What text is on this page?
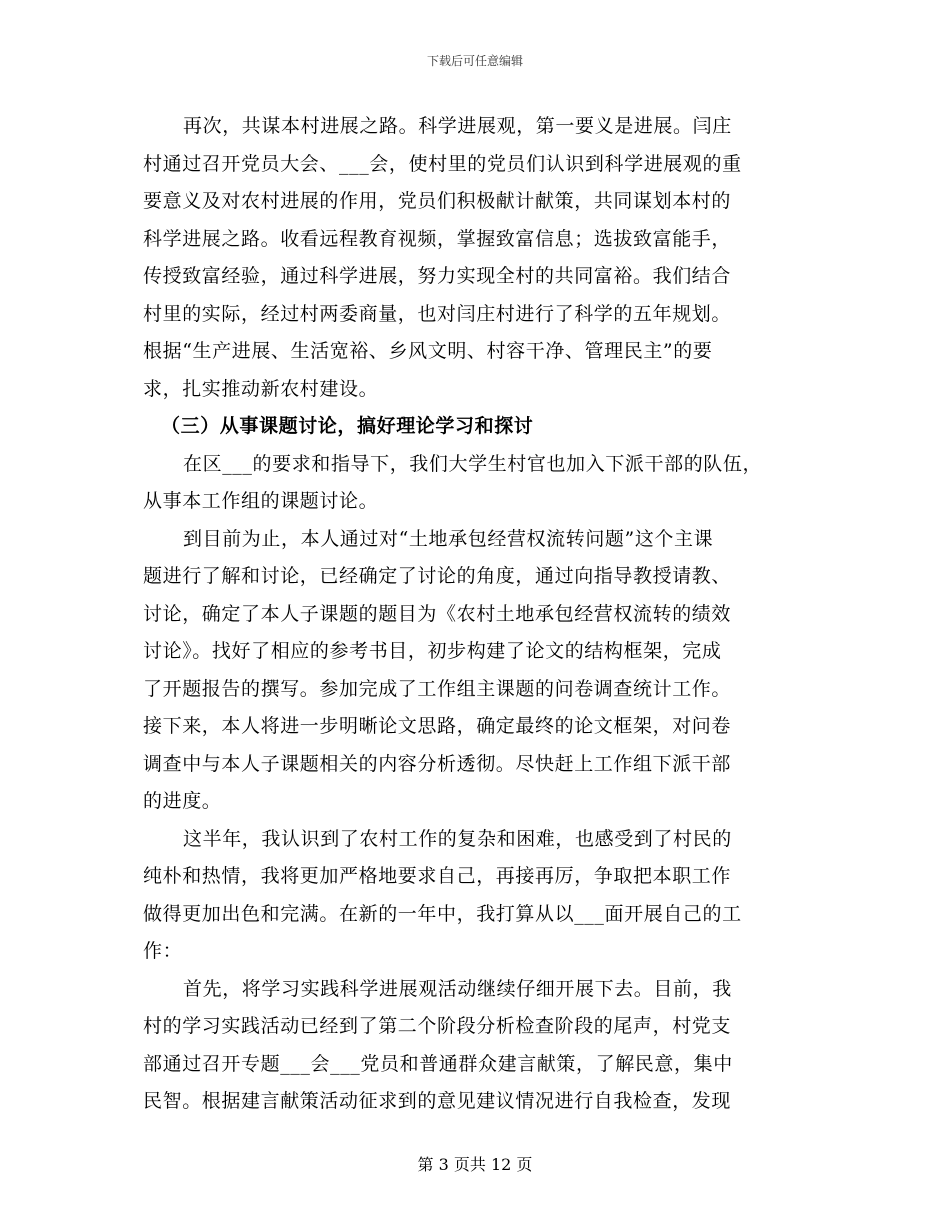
下载后可任意编辑
再次，共谋本村进展之路。科学进展观，第一要义是进展。闫庄
村通过召开党员大会、___会，使村里的党员们认识到科学进展观的重
要意义及对农村进展的作用，党员们积极献计献策，共同谋划本村的
科学进展之路。收看远程教育视频，掌握致富信息；选拔致富能手，
传授致富经验，通过科学进展，努力实现全村的共同富裕。我们结合
村里的实际，经过村两委商量，也对闫庄村进行了科学的五年规划。
根据“生产进展、生活宽裕、乡风文明、村容干净、管理民主”的要
求，扎实推动新农村建设。
（三）从事课题讨论，搞好理论学习和探讨
在区___的要求和指导下，我们大学生村官也加入下派干部的队伍，
从事本工作组的课题讨论。
到目前为止，本人通过对“土地承包经营权流转问题”这个主课
题进行了解和讨论，已经确定了讨论的角度，通过向指导教授请教、
讨论，确定了本人子课题的题目为《农村土地承包经营权流转的绩效
讨论》。找好了相应的参考书目，初步构建了论文的结构框架，完成
了开题报告的撰写。参加完成了工作组主课题的问卷调查统计工作。
接下来，本人将进一步明晰论文思路，确定最终的论文框架，对问卷
调查中与本人子课题相关的内容分析透彻。尽快赶上工作组下派干部
的进度。
这半年，我认识到了农村工作的复杂和困难，也感受到了村民的
纯朴和热情，我将更加严格地要求自己，再接再厉，争取把本职工作
做得更加出色和完满。在新的一年中，我打算从以___面开展自己的工
作：
首先，将学习实践科学进展观活动继续仔细开展下去。目前，我
村的学习实践活动已经到了第二个阶段分析检查阶段的尾声，村党支
部通过召开专题___会___党员和普通群众建言献策，了解民意，集中
民智。根据建言献策活动征求到的意见建议情况进行自我检查，发现
第 3 页共 12 页
